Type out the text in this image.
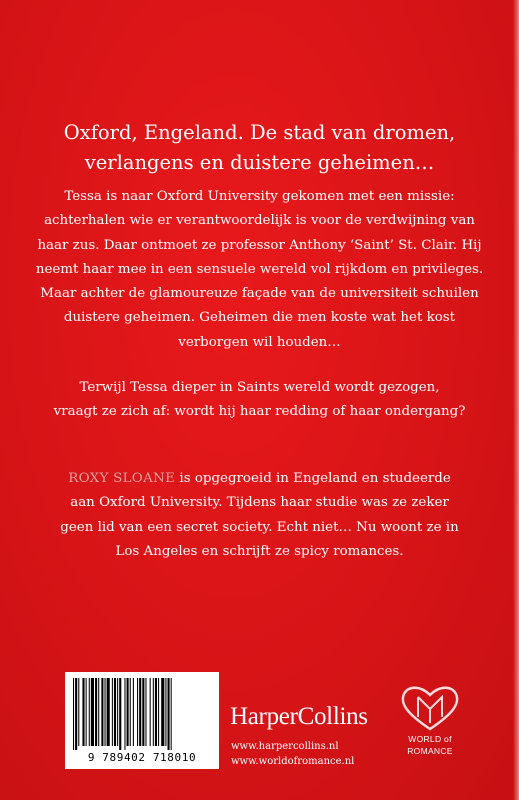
Oxford, Engeland. De stad van dromen,
verlangens en duistere geheimen…
Tessa is naar Oxford University gekomen met een missie:
achterhalen wie er verantwoordelijk is voor de verdwijning van
haar zus. Daar ontmoet ze professor Anthony ‘Saint’ St. Clair. Hij
neemt haar mee in een sensuele wereld vol rijkdom en privileges.
Maar achter de glamoureuze façade van de universiteit schuilen
duistere geheimen. Geheimen die men koste wat het kost
verborgen wil houden…
Terwijl Tessa dieper in Saints wereld wordt gezogen,
vraagt ze zich af: wordt hij haar redding of haar ondergang?
ROXY SLOANE is opgegroeid in Engeland en studeerde
aan Oxford University. Tijdens haar studie was ze zeker
geen lid van een secret society. Echt niet… Nu woont ze in
Los Angeles en schrijft ze spicy romances.
9 789402 718010
HarperCollins
www.harpercollins.nl
www.worldofromance.nl
WORLD of
ROMANCE
